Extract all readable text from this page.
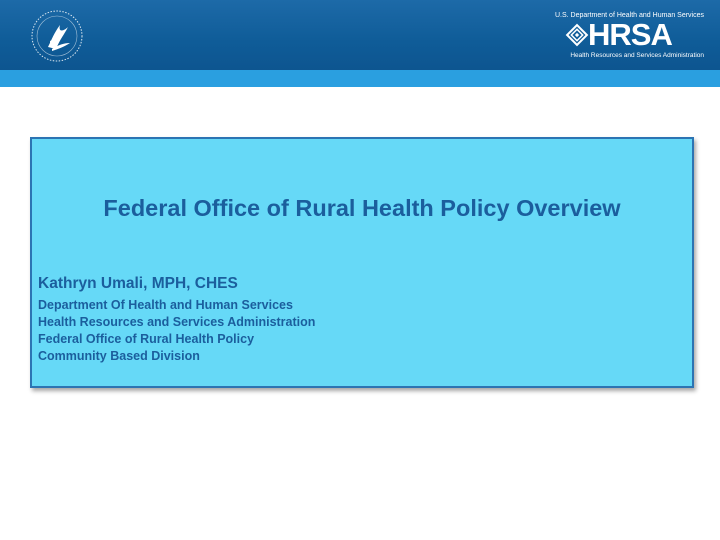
U.S. Department of Health and Human Services
HRSA
Health Resources and Services Administration
Federal Office of Rural Health Policy Overview
Kathryn Umali, MPH, CHES
Department Of Health and Human Services
Health Resources and Services Administration
Federal Office of Rural Health Policy
Community Based Division
